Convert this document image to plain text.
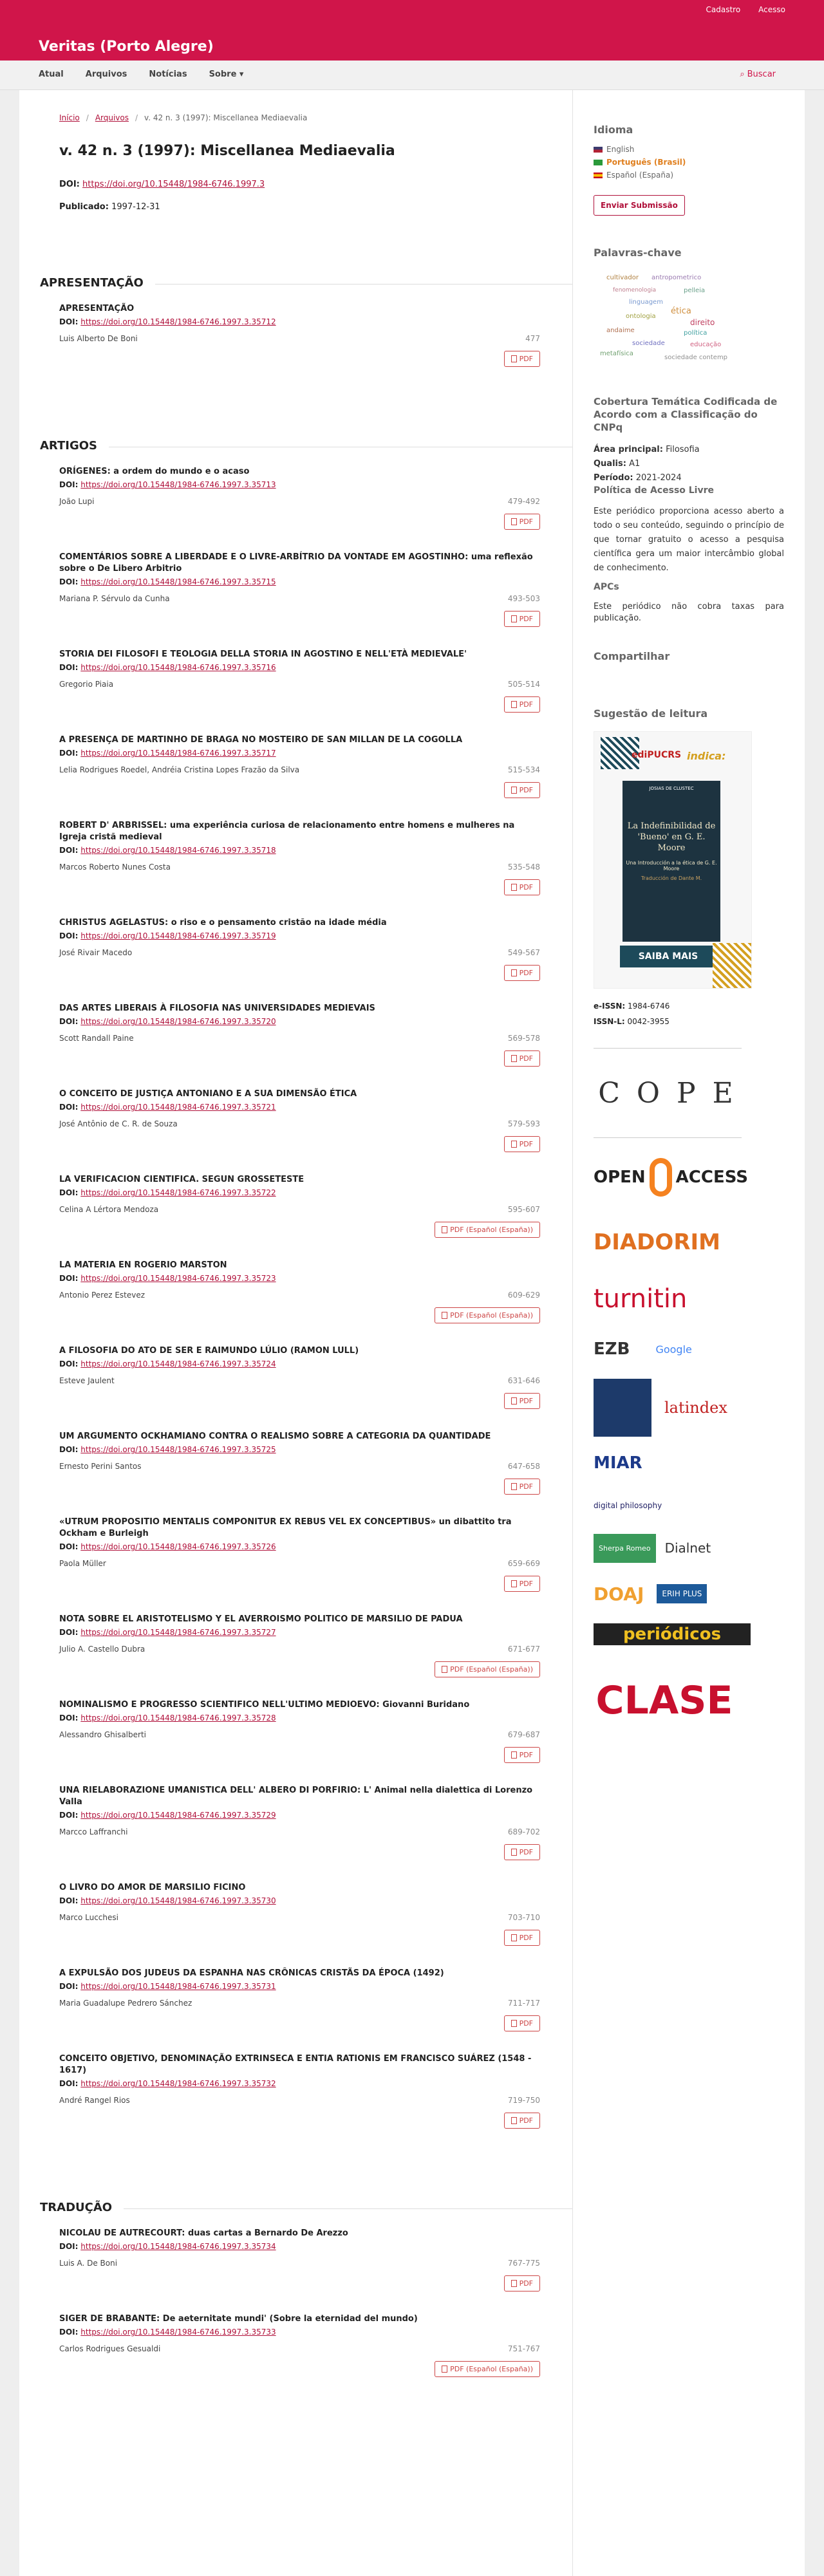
Cadastro Acesso
Veritas (Porto Alegre)
Atual	Arquivos	Notícias	Sobre ▾	⌕ Buscar
Início / Arquivos / v. 42 n. 3 (1997): Miscellanea Mediaevalia
v. 42 n. 3 (1997): Miscellanea Mediaevalia
DOI: https://doi.org/10.15448/1984-6746.1997.3
Publicado: 1997-12-31
APRESENTAÇÃO
APRESENTAÇÃO
DOI: https://doi.org/10.15448/1984-6746.1997.3.35712
Luis Alberto De Boni	477
PDF
ARTIGOS
ORÍGENES: a ordem do mundo e o acaso
DOI: https://doi.org/10.15448/1984-6746.1997.3.35713
João Lupi	479-492
PDF
COMENTÁRIOS SOBRE A LIBERDADE E O LIVRE-ARBÍTRIO DA VONTADE EM AGOSTINHO: uma reflexão sobre o De Libero Arbitrio
DOI: https://doi.org/10.15448/1984-6746.1997.3.35715
Mariana P. Sérvulo da Cunha	493-503
PDF
STORIA DEI FILOSOFI E TEOLOGIA DELLA STORIA IN AGOSTINO E NELL'ETÀ MEDIEVALE'
DOI: https://doi.org/10.15448/1984-6746.1997.3.35716
Gregorio Piaia	505-514
PDF
A PRESENÇA DE MARTINHO DE BRAGA NO MOSTEIRO DE SAN MILLAN DE LA COGOLLA
DOI: https://doi.org/10.15448/1984-6746.1997.3.35717
Lelia Rodrigues Roedel, Andréia Cristina Lopes Frazão da Silva	515-534
PDF
ROBERT D' ARBRISSEL: uma experiência curiosa de relacionamento entre homens e mulheres na Igreja cristã medieval
DOI: https://doi.org/10.15448/1984-6746.1997.3.35718
Marcos Roberto Nunes Costa	535-548
PDF
CHRISTUS AGELASTUS: o riso e o pensamento cristão na idade média
DOI: https://doi.org/10.15448/1984-6746.1997.3.35719
José Rivair Macedo	549-567
PDF
DAS ARTES LIBERAIS À FILOSOFIA NAS UNIVERSIDADES MEDIEVAIS
DOI: https://doi.org/10.15448/1984-6746.1997.3.35720
Scott Randall Paine	569-578
PDF
O CONCEITO DE JUSTIÇA ANTONIANO E A SUA DIMENSÃO ÉTICA
DOI: https://doi.org/10.15448/1984-6746.1997.3.35721
José Antônio de C. R. de Souza	579-593
PDF
LA VERIFICACION CIENTIFICA. SEGUN GROSSETESTE
DOI: https://doi.org/10.15448/1984-6746.1997.3.35722
Celina A Lértora Mendoza	595-607
PDF (Español (España))
LA MATERIA EN ROGERIO MARSTON
DOI: https://doi.org/10.15448/1984-6746.1997.3.35723
Antonio Perez Estevez	609-629
PDF (Español (España))
A FILOSOFIA DO ATO DE SER E RAIMUNDO LÚLIO (RAMON LULL)
DOI: https://doi.org/10.15448/1984-6746.1997.3.35724
Esteve Jaulent	631-646
PDF
UM ARGUMENTO OCKHAMIANO CONTRA O REALISMO SOBRE A CATEGORIA DA QUANTIDADE
DOI: https://doi.org/10.15448/1984-6746.1997.3.35725
Ernesto Perini Santos	647-658
PDF
«UTRUM PROPOSITIO MENTALIS COMPONITUR EX REBUS VEL EX CONCEPTIBUS» un dibattito tra Ockham e Burleigh
DOI: https://doi.org/10.15448/1984-6746.1997.3.35726
Paola Müller	659-669
PDF
NOTA SOBRE EL ARISTOTELISMO Y EL AVERROISMO POLITICO DE MARSILIO DE PADUA
DOI: https://doi.org/10.15448/1984-6746.1997.3.35727
Julio A. Castello Dubra	671-677
PDF (Español (España))
NOMINALISMO E PROGRESSO SCIENTIFICO NELL'ULTIMO MEDIOEVO: Giovanni Buridano
DOI: https://doi.org/10.15448/1984-6746.1997.3.35728
Alessandro Ghisalberti	679-687
PDF
UNA RIELABORAZIONE UMANISTICA DELL' ALBERO DI PORFIRIO: L' Animal nella dialettica di Lorenzo Valla
DOI: https://doi.org/10.15448/1984-6746.1997.3.35729
Marcco Laffranchi	689-702
PDF
O LIVRO DO AMOR DE MARSILIO FICINO
DOI: https://doi.org/10.15448/1984-6746.1997.3.35730
Marco Lucchesi	703-710
PDF
A EXPULSÃO DOS JUDEUS DA ESPANHA NAS CRÔNICAS CRISTÃS DA ÉPOCA (1492)
DOI: https://doi.org/10.15448/1984-6746.1997.3.35731
Maria Guadalupe Pedrero Sánchez	711-717
PDF
CONCEITO OBJETIVO, DENOMINAÇÃO EXTRINSECA E ENTIA RATIONIS EM FRANCISCO SUÁREZ (1548 - 1617)
DOI: https://doi.org/10.15448/1984-6746.1997.3.35732
André Rangel Rios	719-750
PDF
TRADUÇÃO
NICOLAU DE AUTRECOURT: duas cartas a Bernardo De Arezzo
DOI: https://doi.org/10.15448/1984-6746.1997.3.35734
Luis A. De Boni	767-775
PDF
SIGER DE BRABANTE: De aeternitate mundi' (Sobre la eternidad del mundo)
DOI: https://doi.org/10.15448/1984-6746.1997.3.35733
Carlos Rodrigues Gesualdi	751-767
PDF (Español (España))
Idioma
English
Português (Brasil)
Español (España)
Enviar Submissão
Palavras-chave
cultivador antropometrico
pelleia
fenomenologia
linguagem
ética
direito
ontologia
política
andaime
educação
sociedade
metafísica
sociedade contemp
Cobertura Temática Codificada de Acordo com a Classificação do CNPq
Área principal: Filosofia
Qualis: A1
Período: 2021-2024
Política de Acesso Livre
Este periódico proporciona acesso aberto a todo o seu conteúdo, seguindo o princípio de que tornar gratuito o acesso a pesquisa científica gera um maior intercâmbio global de conhecimento.
APCs
Este periódico não cobra taxas para publicação.
Compartilhar
Sugestão de leitura
ediPUCRS indica:
JOSIAS DE CLUSTEC
La Indefinibilidad de 'Bueno' en G. E. Moore
Una Introducción a la ética de G. E. Moore
Traducción de Dante M.
SAIBA MAIS
e-ISSN: 1984-6746
ISSN-L: 0042-3955
C O P E
OPEN ACCESS
DIADORIM
turnitin
EZB	Google
latindex
MIAR
digital philosophy
Sherpa Romeo	Dialnet
DOAJ	ERIH PLUS
periódicos
CLASE
